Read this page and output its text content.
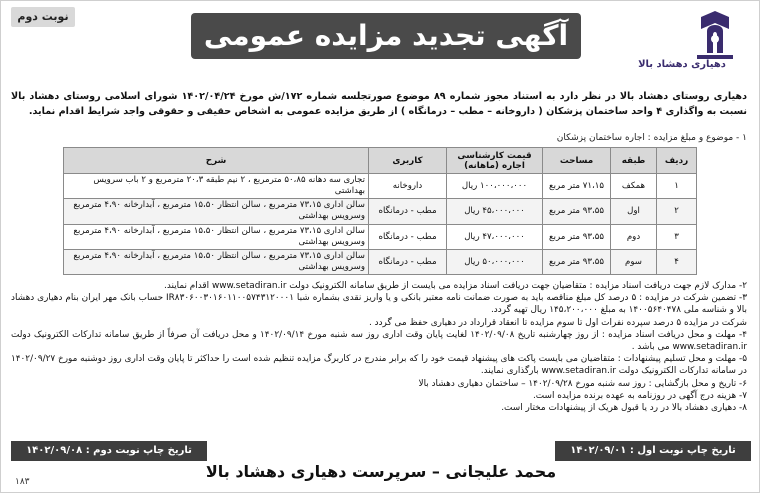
دهیاری دهشاد بالا
آگهی تجدید مزایده عمومی
نوبت دوم
دهیاری روستای دهشاد بالا در نظر دارد به استناد مجوز شماره ۸۹ موضوع صورتجلسه شماره ۱۷۲/ش مورخ ۱۴۰۲/۰۴/۲۴ شورای اسلامی روستای دهشاد بالا نسبت به واگذاری ۴ واحد ساختمان پزشکان ( داروخانه – مطب – درمانگاه ) از طریق مزایده عمومی به اشخاص حقیقی و حقوقی واجد شرایط اقدام نماید.
۱ - موضوع و مبلغ مزایده : اجاره ساختمان پزشکان
ردیف	طبقه	مساحت	قیمت کارشناسی اجاره (ماهانه)	کاربری	شرح
۱	همکف	۷۱،۱۵ متر مربع	۱۰۰،۰۰۰،۰۰۰ ریال	داروخانه	تجاری سه دهانه ۵۰،۸۵ مترمربع ، ۲ نیم طبقه ۲۰،۳ مترمربع و ۲ باب سرویس بهداشتی
۲	اول	۹۳،۵۵ متر مربع	۴۵،۰۰۰،۰۰۰ ریال	مطب - درمانگاه	سالن اداری ۷۳،۱۵ مترمربع ، سالن انتظار ۱۵،۵۰ مترمربع ، آبدارخانه ۴،۹۰ مترمربع وسرویس بهداشتی
۳	دوم	۹۳،۵۵ متر مربع	۴۷،۰۰۰،۰۰۰ ریال	مطب - درمانگاه	سالن اداری ۷۳،۱۵ مترمربع ، سالن انتظار ۱۵،۵۰ مترمربع ، آبدارخانه ۴،۹۰ مترمربع وسرویس بهداشتی
۴	سوم	۹۳،۵۵ متر مربع	۵۰،۰۰۰،۰۰۰ ریال	مطب - درمانگاه	سالن اداری ۷۳،۱۵ مترمربع ، سالن انتظار ۱۵،۵۰ مترمربع ، آبدارخانه ۴،۹۰ مترمربع وسرویس بهداشتی

۲- مدارک لازم جهت دریافت اسناد مزایده : متقاضیان جهت دریافت اسناد مزایده می بایست از طریق سامانه الکترونیک دولت www.setadiran.ir اقدام نمایند.

۳- تضمین شرکت در مزایده : ۵ درصد کل مبلغ مناقصه باید به صورت ضمانت نامه معتبر بانکی و یا واریز نقدی بشماره شبا IR۸۳۰۶۰۰۳۰۱۶۰۱۱۰۰۵۷۴۳۱۲۰۰۰۱ حساب بانک مهر ایران بنام دهیاری دهشاد بالا و شناسه ملی ۱۴۰۰۵۶۴۰۴۷۸ به مبلغ ۱۴۵،۲۰۰،۰۰۰ ریال تهیه گردد.

شرکت در مزایده ۵ درصد سپرده نفرات اول تا سوم مزایده تا انعقاد قرارداد در دهیاری حفظ می گردد .

۴- مهلت و محل دریافت اسناد مزایده : از روز چهارشنبه تاریخ ۱۴۰۲/۰۹/۰۸ لغایت پایان وقت اداری روز سه شنبه مورخ ۱۴۰۲/۰۹/۱۴ و محل دریافت آن صرفاً از طریق سامانه تدارکات الکترونیک دولت www.setadiran.ir می باشد .

۵- مهلت و محل تسلیم پیشنهادات : متقاضیان می بایست پاکت های پیشنهاد قیمت خود را که برابر مندرج در کاربرگ مزایده تنظیم شده است را حداکثر تا پایان وقت اداری روز دوشنبه مورخ ۱۴۰۲/۰۹/۲۷ در سامانه تدارکات الکترونیک دولت www.setadiran.ir بارگذاری نمایند.

۶- تاریخ و محل بازگشایی : روز سه شنبه مورخ ۱۴۰۲/۰۹/۲۸ – ساختمان دهیاری دهشاد بالا

۷- هزینه درج آگهی در روزنامه به عهده برنده مزایده است.

۸- دهیاری دهشاد بالا در رد یا قبول هریک از پیشنهادات مختار است.

تاریخ چاپ نوبت اول : ۱۴۰۲/۰۹/۰۱
تاریخ چاپ نوبت دوم : ۱۴۰۲/۰۹/۰۸
محمد علیجانی – سرپرست دهیاری دهشاد بالا
۱۸۳
